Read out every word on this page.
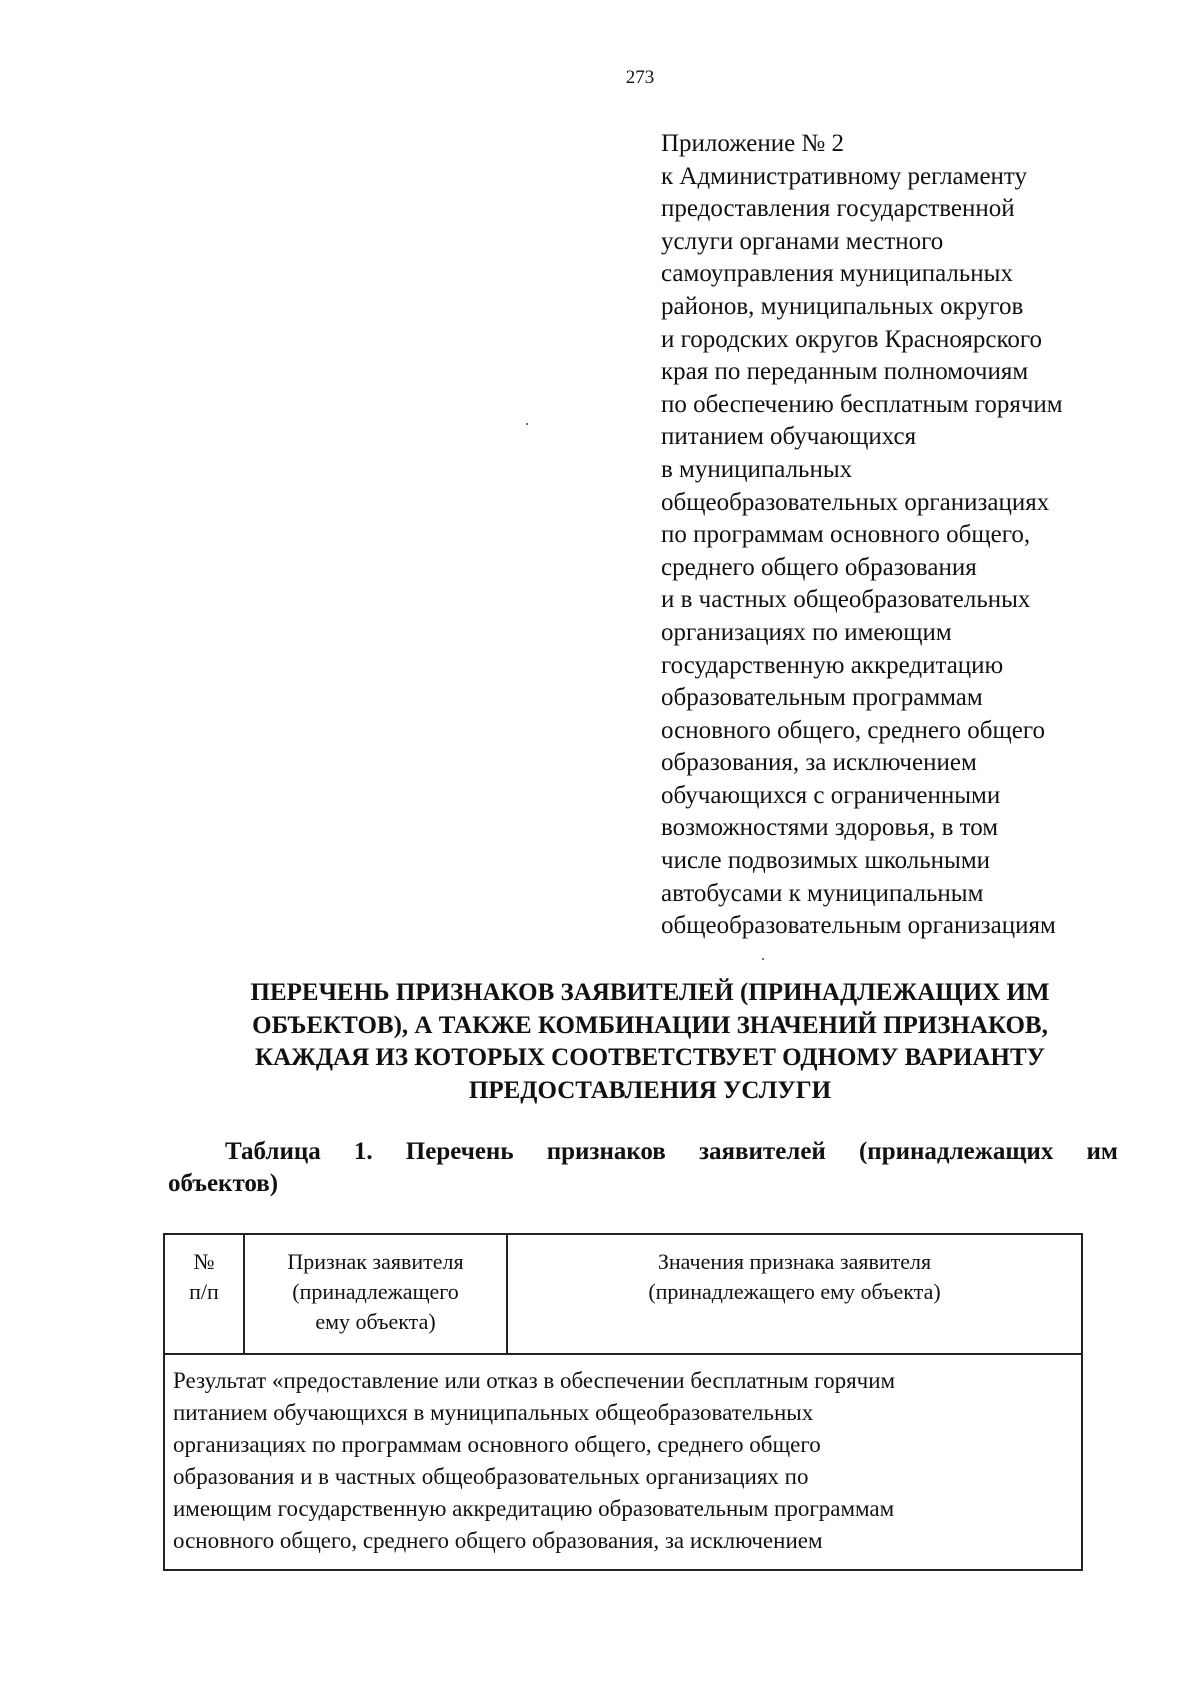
273
Приложение № 2
к Административному регламенту
предоставления государственной
услуги органами местного
самоуправления муниципальных
районов, муниципальных округов
и городских округов Красноярского
края по переданным полномочиям
по обеспечению бесплатным горячим
питанием обучающихся
в муниципальных
общеобразовательных организациях
по программам основного общего,
среднего общего образования
и в частных общеобразовательных
организациях по имеющим
государственную аккредитацию
образовательным программам
основного общего, среднего общего
образования, за исключением
обучающихся с ограниченными
возможностями здоровья, в том
числе подвозимых школьными
автобусами к муниципальным
общеобразовательным организациям
ПЕРЕЧЕНЬ ПРИЗНАКОВ ЗАЯВИТЕЛЕЙ (ПРИНАДЛЕЖАЩИХ ИМ
ОБЪЕКТОВ), А ТАКЖЕ КОМБИНАЦИИ ЗНАЧЕНИЙ ПРИЗНАКОВ,
КАЖДАЯ ИЗ КОТОРЫХ СООТВЕТСТВУЕТ ОДНОМУ ВАРИАНТУ
ПРЕДОСТАВЛЕНИЯ УСЛУГИ
Таблица 1. Перечень признаков заявителей (принадлежащих им
объектов)
№
п/п
Признак заявителя
(принадлежащего
ему объекта)
Значения признака заявителя
(принадлежащего ему объекта)
Результат «предоставление или отказ в обеспечении бесплатным горячим
питанием обучающихся в муниципальных общеобразовательных
организациях по программам основного общего, среднего общего
образования и в частных общеобразовательных организациях по
имеющим государственную аккредитацию образовательным программам
основного общего, среднего общего образования, за исключением
